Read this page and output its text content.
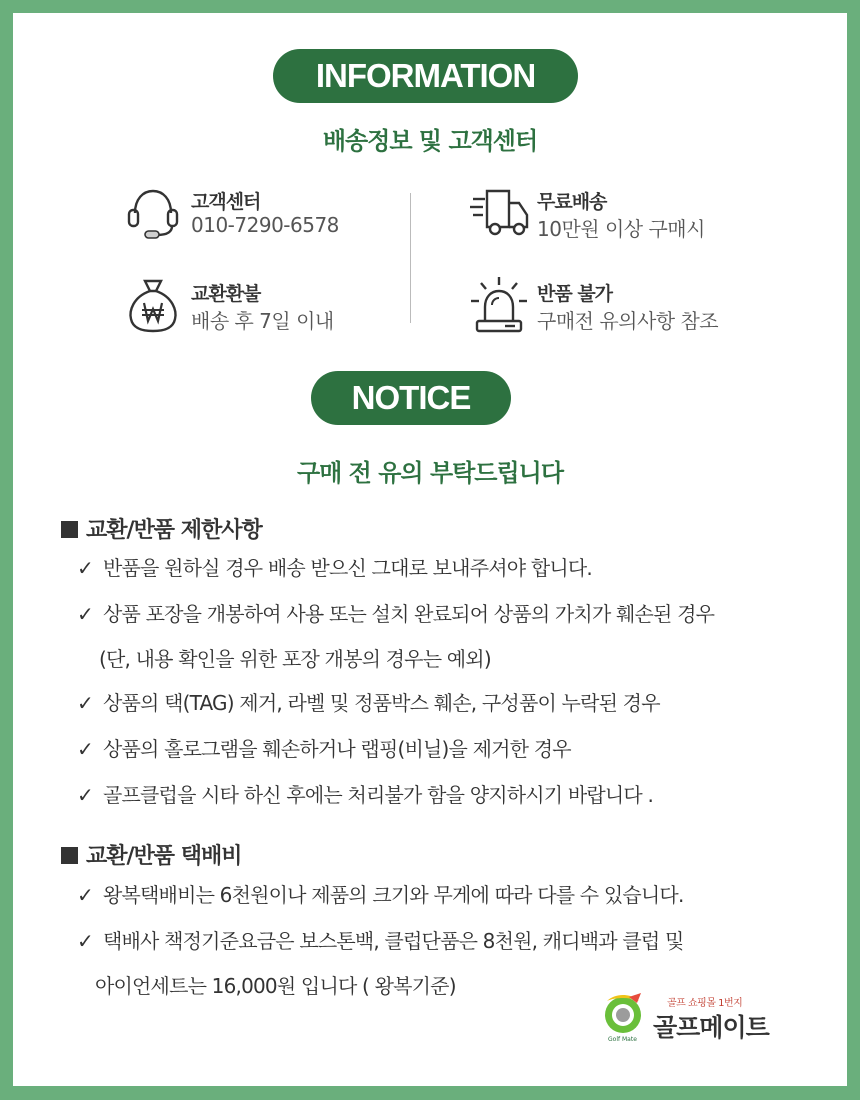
INFORMATION
배송정보 및 고객센터
고객센터
010-7290-6578
교환환불
배송 후 7일 이내
무료배송
10만원 이상 구매시
반품 불가
구매전 유의사항 참조
NOTICE
구매 전 유의 부탁드립니다
교환/반품 제한사항
✓ 반품을 원하실 경우 배송 받으신 그대로 보내주셔야 합니다.
✓ 상품 포장을 개봉하여 사용 또는 설치 완료되어 상품의 가치가 훼손된 경우
(단, 내용 확인을 위한 포장 개봉의 경우는 예외)
✓ 상품의 택(TAG) 제거, 라벨 및 정품박스 훼손, 구성품이 누락된 경우
✓ 상품의 홀로그램을 훼손하거나 랩핑(비닐)을 제거한 경우
✓ 골프클럽을 시타 하신 후에는 처리불가 함을 양지하시기 바랍니다 .
교환/반품 택배비
✓ 왕복택배비는 6천원이나 제품의 크기와 무게에 따라 다를 수 있습니다.
✓ 택배사 책정기준요금은 보스톤백, 클럽단품은 8천원, 캐디백과 클럽 및
아이언세트는 16,000원 입니다 ( 왕복기준)
Golf Mate
골프 쇼핑몰 1번지
골프메이트
